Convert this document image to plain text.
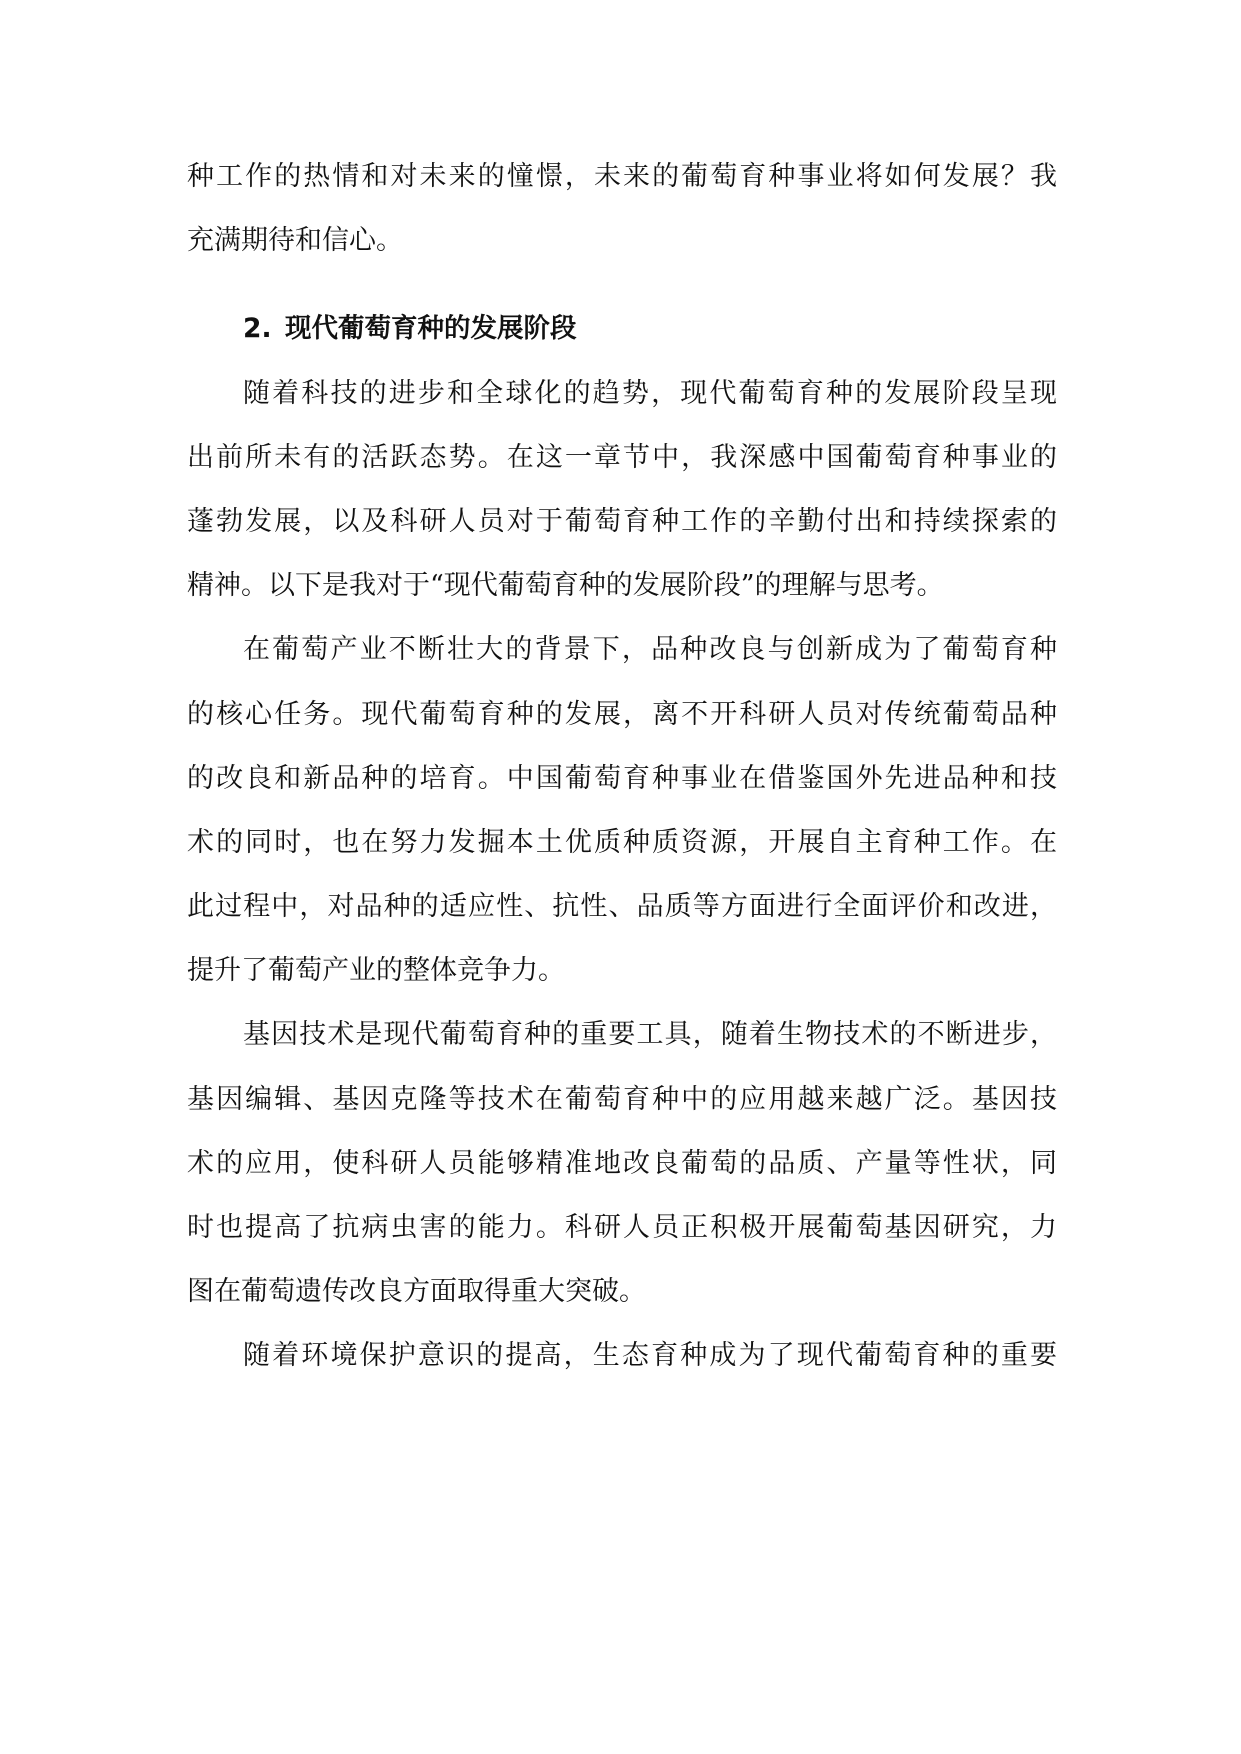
种工作的热情和对未来的憧憬，未来的葡萄育种事业将如何发展？我
充满期待和信心。
2. 现代葡萄育种的发展阶段
随着科技的进步和全球化的趋势，现代葡萄育种的发展阶段呈现
出前所未有的活跃态势。在这一章节中，我深感中国葡萄育种事业的
蓬勃发展，以及科研人员对于葡萄育种工作的辛勤付出和持续探索的
精神。以下是我对于“现代葡萄育种的发展阶段”的理解与思考。
在葡萄产业不断壮大的背景下，品种改良与创新成为了葡萄育种
的核心任务。现代葡萄育种的发展，离不开科研人员对传统葡萄品种
的改良和新品种的培育。中国葡萄育种事业在借鉴国外先进品种和技
术的同时，也在努力发掘本土优质种质资源，开展自主育种工作。在
此过程中，对品种的适应性、抗性、品质等方面进行全面评价和改进，
提升了葡萄产业的整体竞争力。
基因技术是现代葡萄育种的重要工具，随着生物技术的不断进步，
基因编辑、基因克隆等技术在葡萄育种中的应用越来越广泛。基因技
术的应用，使科研人员能够精准地改良葡萄的品质、产量等性状，同
时也提高了抗病虫害的能力。科研人员正积极开展葡萄基因研究，力
图在葡萄遗传改良方面取得重大突破。
随着环境保护意识的提高，生态育种成为了现代葡萄育种的重要
